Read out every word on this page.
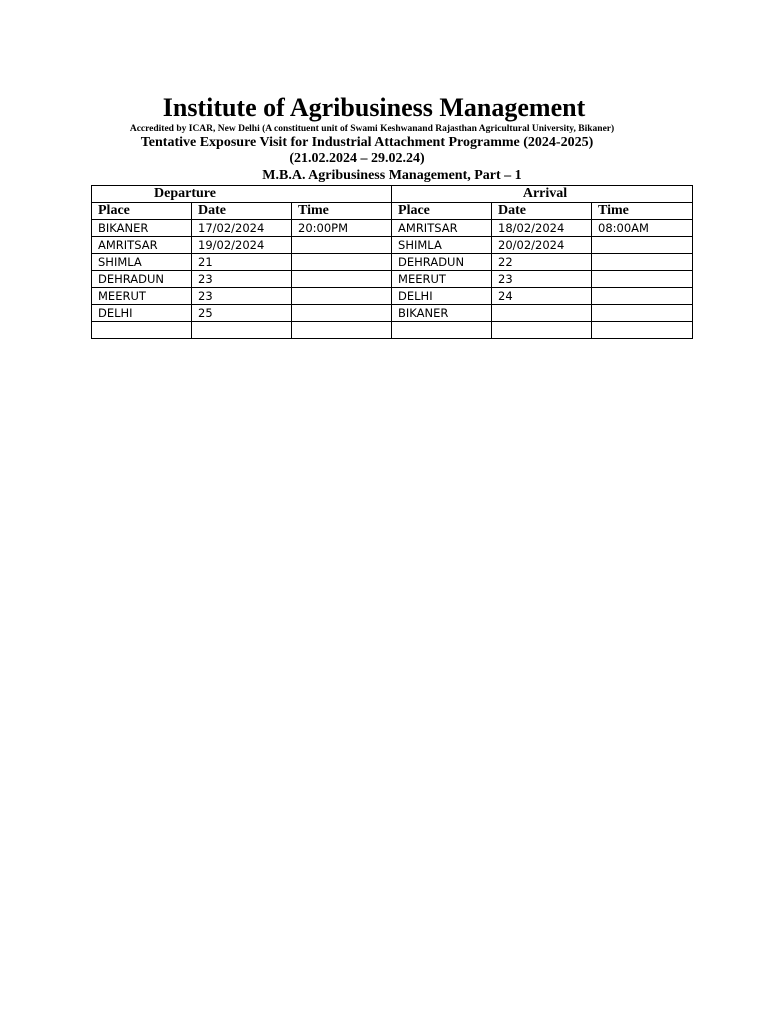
Institute of Agribusiness Management
Accredited by ICAR, New Delhi (A constituent unit of Swami Keshwanand Rajasthan Agricultural University, Bikaner)
Tentative Exposure Visit for Industrial Attachment Programme (2024-2025)
(21.02.2024 – 29.02.24)
M.B.A. Agribusiness Management, Part – 1
Departure			Arrival		
Place	Date	Time	Place	Date	Time
BIKANER	17/02/2024	20:00PM	AMRITSAR	18/02/2024	08:00AM
AMRITSAR	19/02/2024		SHIMLA	20/02/2024	
SHIMLA	21		DEHRADUN	22	
DEHRADUN	23		MEERUT	23	
MEERUT	23		DELHI	24	
DELHI	25		BIKANER		
